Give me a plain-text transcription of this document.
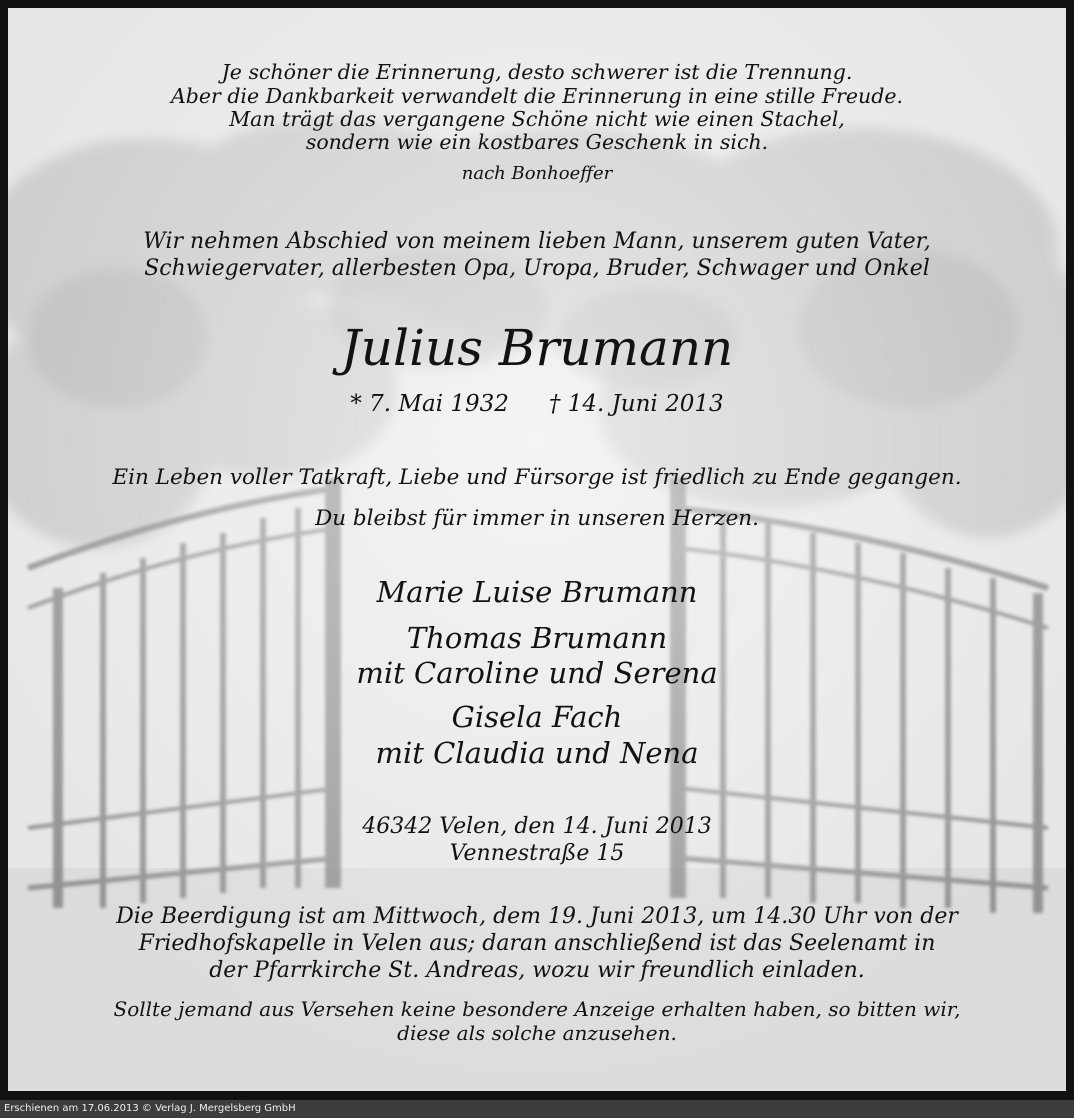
Je schöner die Erinnerung, desto schwerer ist die Trennung.
Aber die Dankbarkeit verwandelt die Erinnerung in eine stille Freude.
Man trägt das vergangene Schöne nicht wie einen Stachel,
sondern wie ein kostbares Geschenk in sich.
nach Bonhoeffer
Wir nehmen Abschied von meinem lieben Mann, unserem guten Vater,
Schwiegervater, allerbesten Opa, Uropa, Bruder, Schwager und Onkel
Julius Brumann
* 7. Mai 1932 † 14. Juni 2013
Ein Leben voller Tatkraft, Liebe und Fürsorge ist friedlich zu Ende gegangen.
Du bleibst für immer in unseren Herzen.
Marie Luise Brumann
Thomas Brumann
mit Caroline und Serena
Gisela Fach
mit Claudia und Nena
46342 Velen, den 14. Juni 2013
Vennestraße 15
Die Beerdigung ist am Mittwoch, dem 19. Juni 2013, um 14.30 Uhr von der
Friedhofskapelle in Velen aus; daran anschließend ist das Seelenamt in
der Pfarrkirche St. Andreas, wozu wir freundlich einladen.
Sollte jemand aus Versehen keine besondere Anzeige erhalten haben, so bitten wir,
diese als solche anzusehen.
Erschienen am 17.06.2013 © Verlag J. Mergelsberg GmbH
